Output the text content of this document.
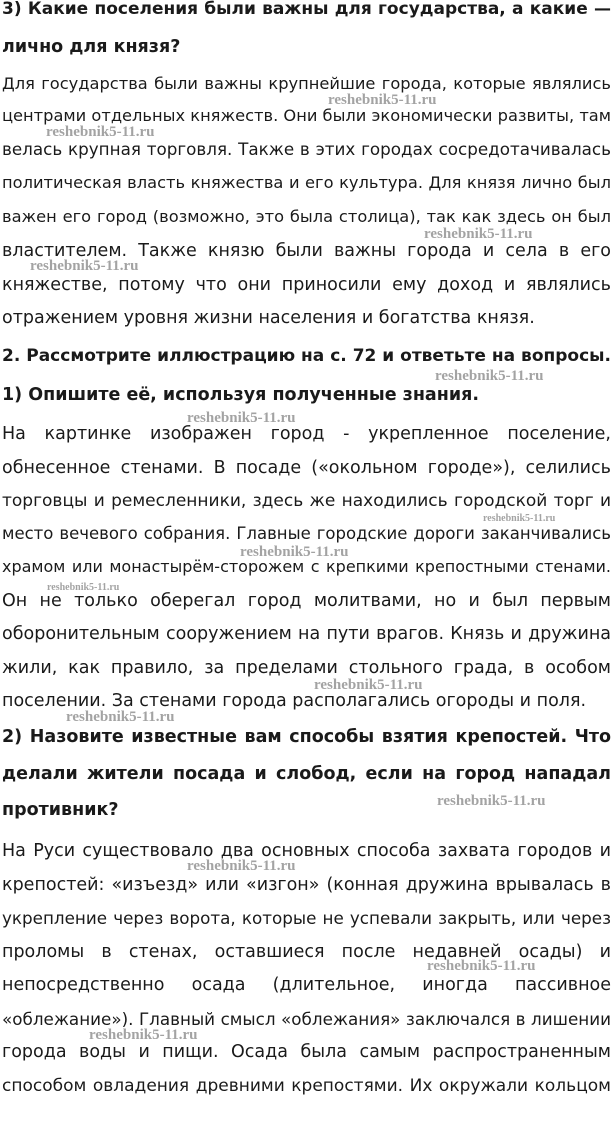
3) Какие поселения были важны для государства, а какие —
лично для князя?
Для государства были важны крупнейшие города, которые являлись
центрами отдельных княжеств. Они были экономически развиты, там
велась крупная торговля. Также в этих городах сосредотачивалась
политическая власть княжества и его культура. Для князя лично был
важен его город (возможно, это была столица), так как здесь он был
властителем. Также князю были важны города и села в его
княжестве, потому что они приносили ему доход и являлись
отражением уровня жизни населения и богатства князя.
2. Рассмотрите иллюстрацию на с. 72 и ответьте на вопросы.
1) Опишите её, используя полученные знания.
На картинке изображен город - укрепленное поселение,
обнесенное стенами. В посаде («окольном городе»), селились
торговцы и ремесленники, здесь же находились городской торг и
место вечевого собрания. Главные городские дороги заканчивались
храмом или монастырём-сторожем с крепкими крепостными стенами.
Он не только оберегал город молитвами, но и был первым
оборонительным сооружением на пути врагов. Князь и дружина
жили, как правило, за пределами стольного града, в особом
поселении. За стенами города располагались огороды и поля.
2) Назовите известные вам способы взятия крепостей. Что
делали жители посада и слобод, если на город нападал
противник?
На Руси существовало два основных способа захвата городов и
крепостей: «изъезд» или «изгон» (конная дружина врывалась в
укрепление через ворота, которые не успевали закрыть, или через
проломы в стенах, оставшиеся после недавней осады) и
непосредственно осада (длительное, иногда пассивное
«облежание»). Главный смысл «облежания» заключался в лишении
города воды и пищи. Осада была самым распространенным
способом овладения древними крепостями. Их окружали кольцом
reshebnik5-11.ru
reshebnik5-11.ru
reshebnik5-11.ru
reshebnik5-11.ru
reshebnik5-11.ru
reshebnik5-11.ru
reshebnik5-11.ru
reshebnik5-11.ru
reshebnik5-11.ru
reshebnik5-11.ru
reshebnik5-11.ru
reshebnik5-11.ru
reshebnik5-11.ru
reshebnik5-11.ru
reshebnik5-11.ru
